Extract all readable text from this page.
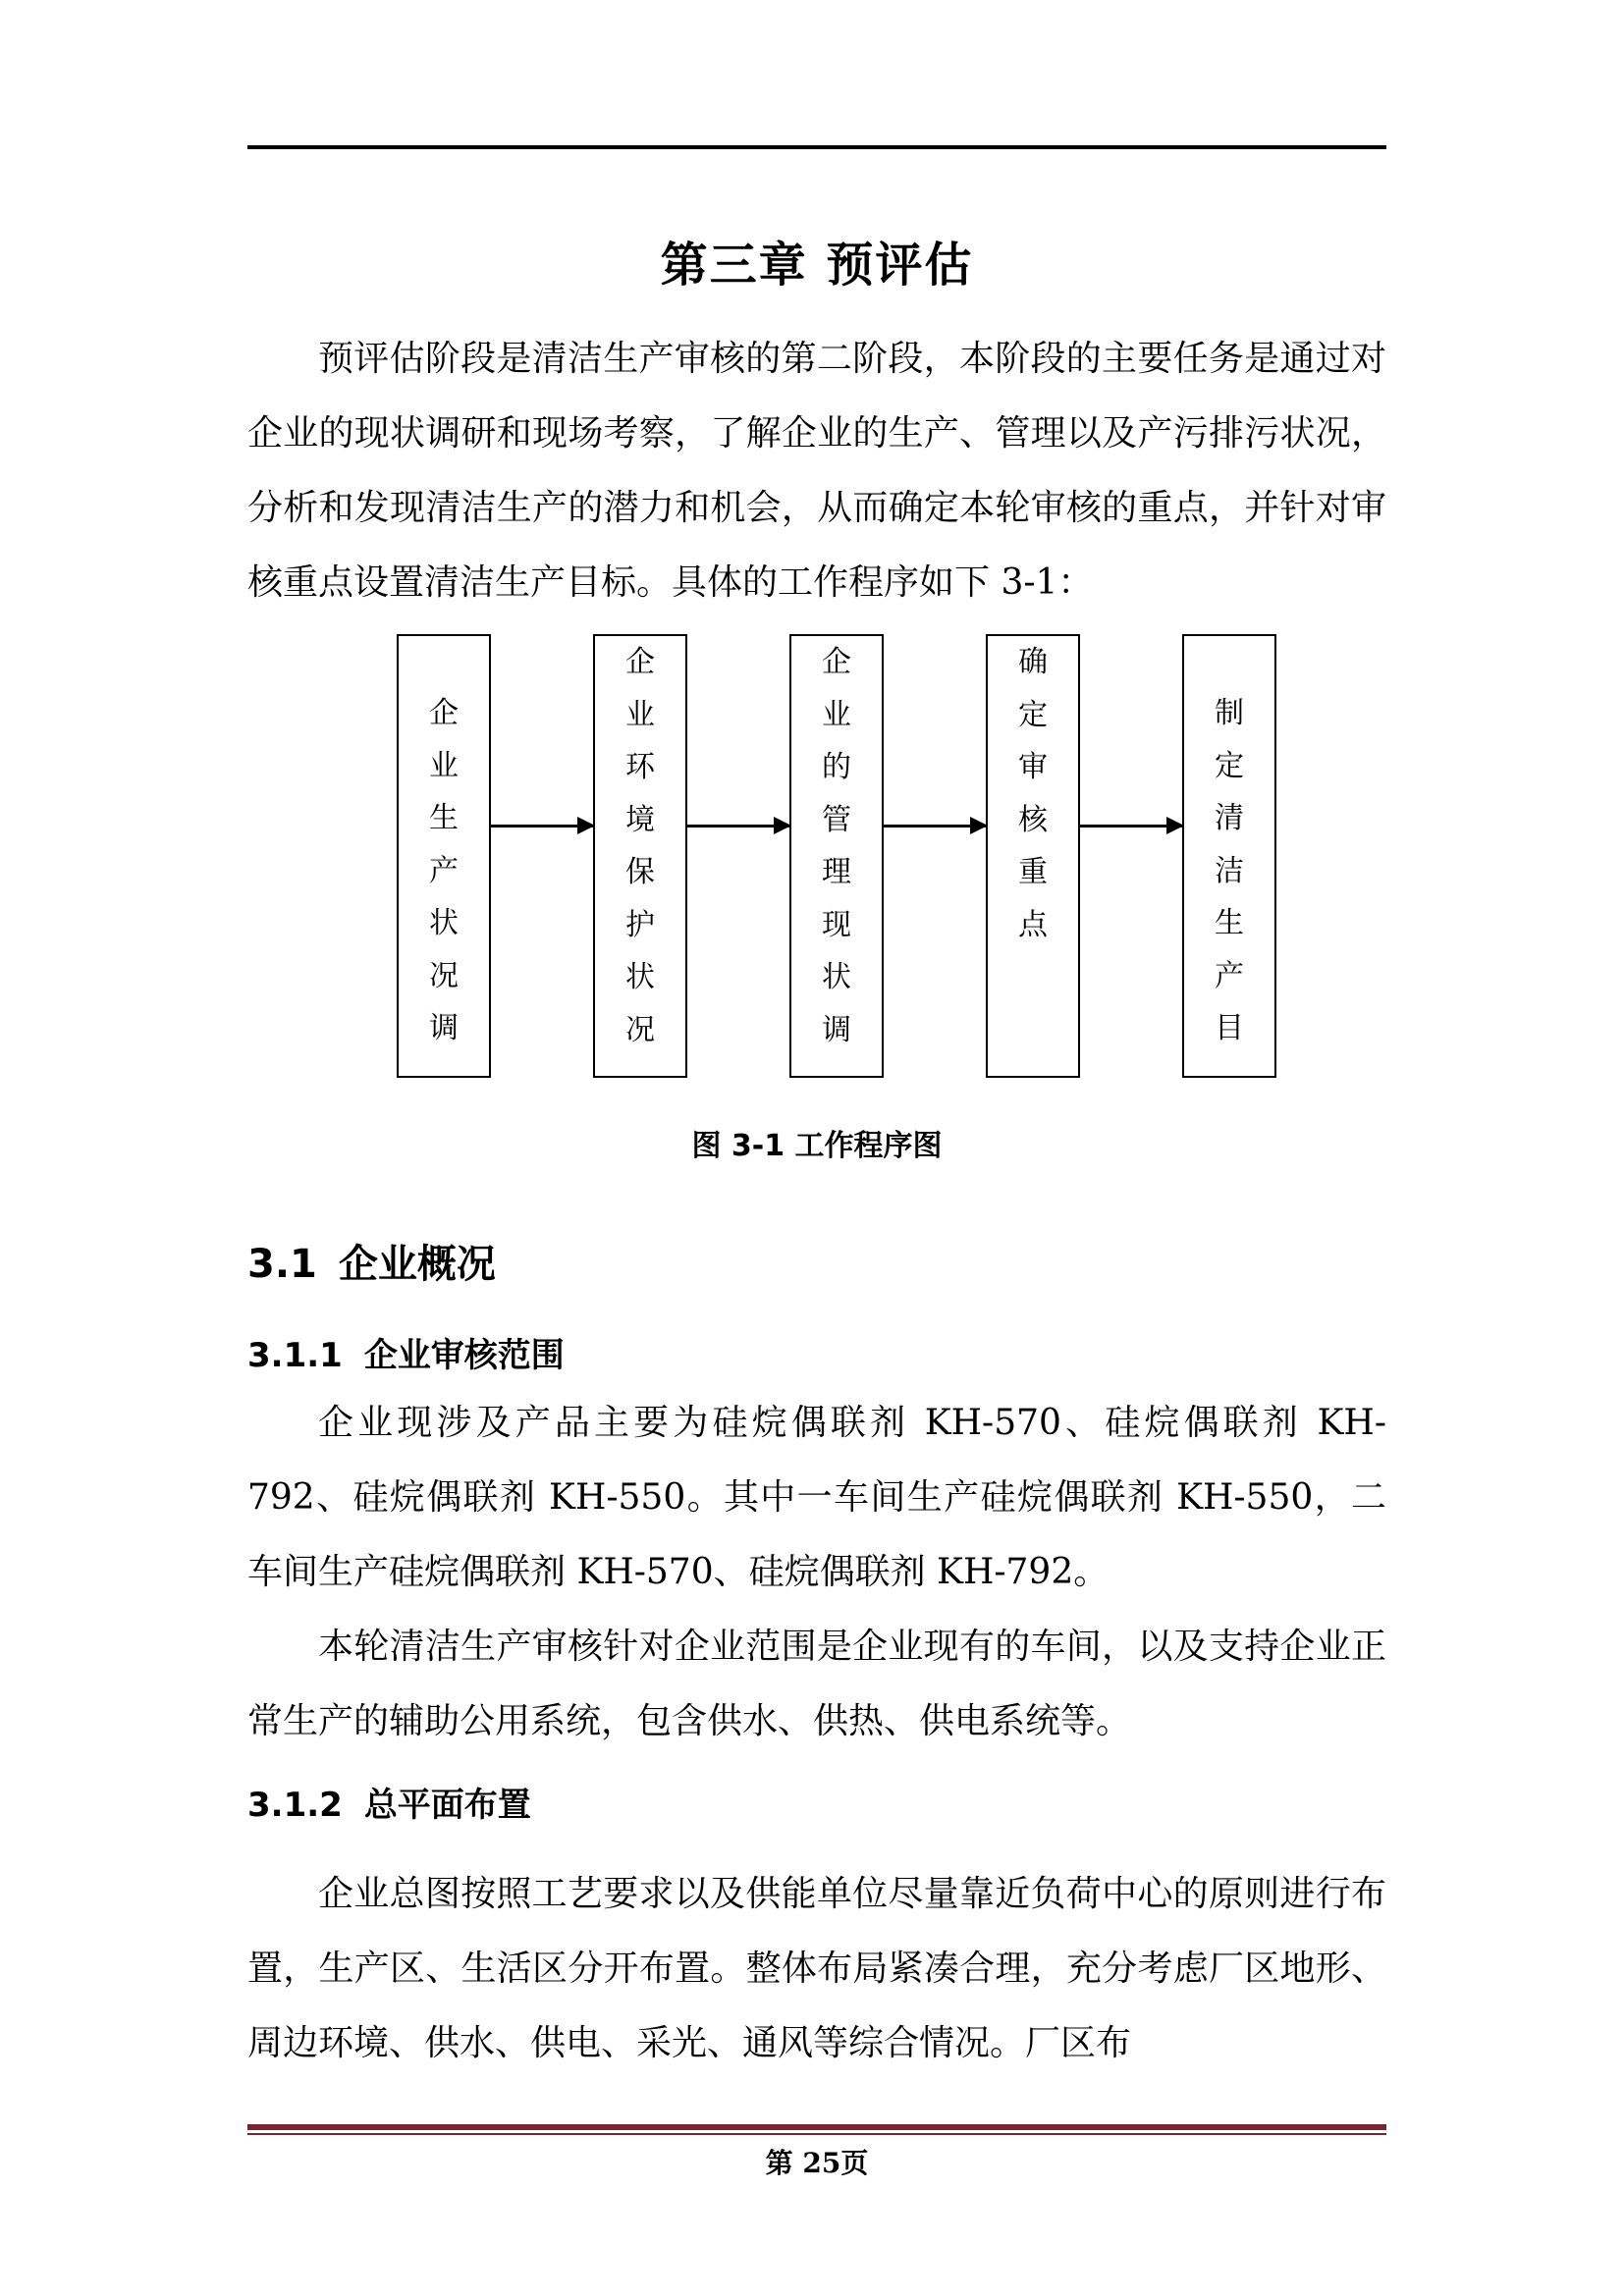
第三章 预评估
预评估阶段是清洁生产审核的第二阶段，本阶段的主要任务是通过对企业的现状调研和现场考察，了解企业的生产、管理以及产污排污状况，分析和发现清洁生产的潜力和机会，从而确定本轮审核的重点，并针对审核重点设置清洁生产目标。具体的工作程序如下 3-1：
企
业
生
产
状
况
调
企
业
环
境
保
护
状
况
企
业
的
管
理
现
状
调
确
定
审
核
重
点
制
定
清
洁
生
产
目
图 3-1 工作程序图
3.1 企业概况
3.1.1 企业审核范围
企业现涉及产品主要为硅烷偶联剂 KH-570、硅烷偶联剂 KH-792、硅烷偶联剂 KH-550。其中一车间生产硅烷偶联剂 KH-550，二车间生产硅烷偶联剂 KH-570、硅烷偶联剂 KH-792。
本轮清洁生产审核针对企业范围是企业现有的车间，以及支持企业正常生产的辅助公用系统，包含供水、供热、供电系统等。
3.1.2 总平面布置
企业总图按照工艺要求以及供能单位尽量靠近负荷中心的原则进行布置，生产区、生活区分开布置。整体布局紧凑合理，充分考虑厂区地形、周边环境、供水、供电、采光、通风等综合情况。厂区布
第 25页
